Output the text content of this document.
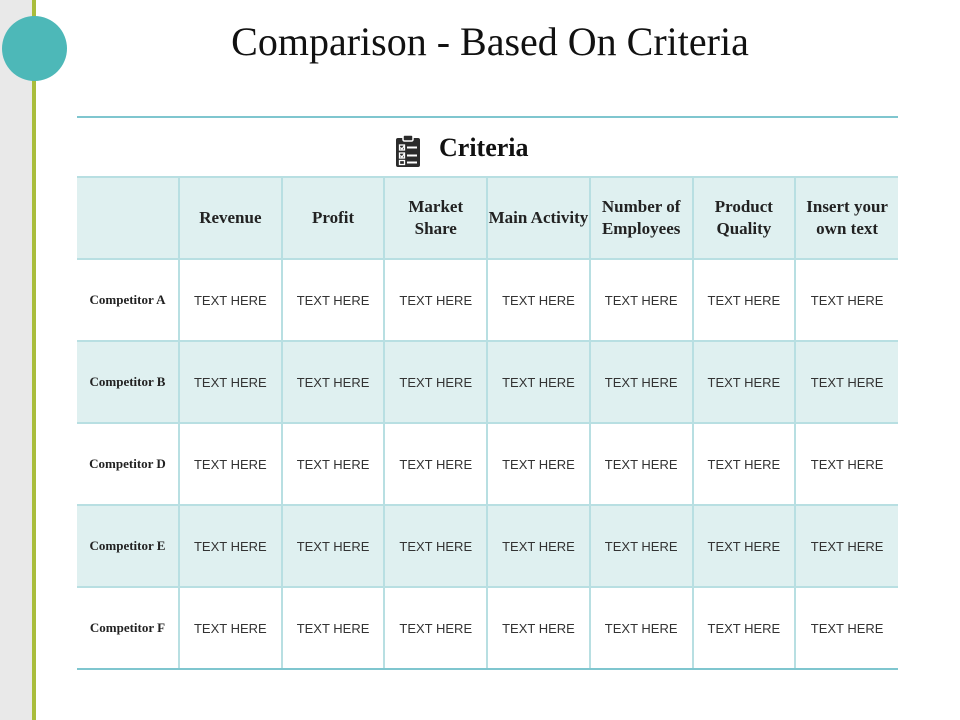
Comparison - Based On Criteria
Criteria
	Revenue	Profit	Market Share	Main Activity	Number of Employees	Product Quality	Insert your own text
Competitor A	TEXT HERE	TEXT HERE	TEXT HERE	TEXT HERE	TEXT HERE	TEXT HERE	TEXT HERE
Competitor B	TEXT HERE	TEXT HERE	TEXT HERE	TEXT HERE	TEXT HERE	TEXT HERE	TEXT HERE
Competitor D	TEXT HERE	TEXT HERE	TEXT HERE	TEXT HERE	TEXT HERE	TEXT HERE	TEXT HERE
Competitor E	TEXT HERE	TEXT HERE	TEXT HERE	TEXT HERE	TEXT HERE	TEXT HERE	TEXT HERE
Competitor F	TEXT HERE	TEXT HERE	TEXT HERE	TEXT HERE	TEXT HERE	TEXT HERE	TEXT HERE
